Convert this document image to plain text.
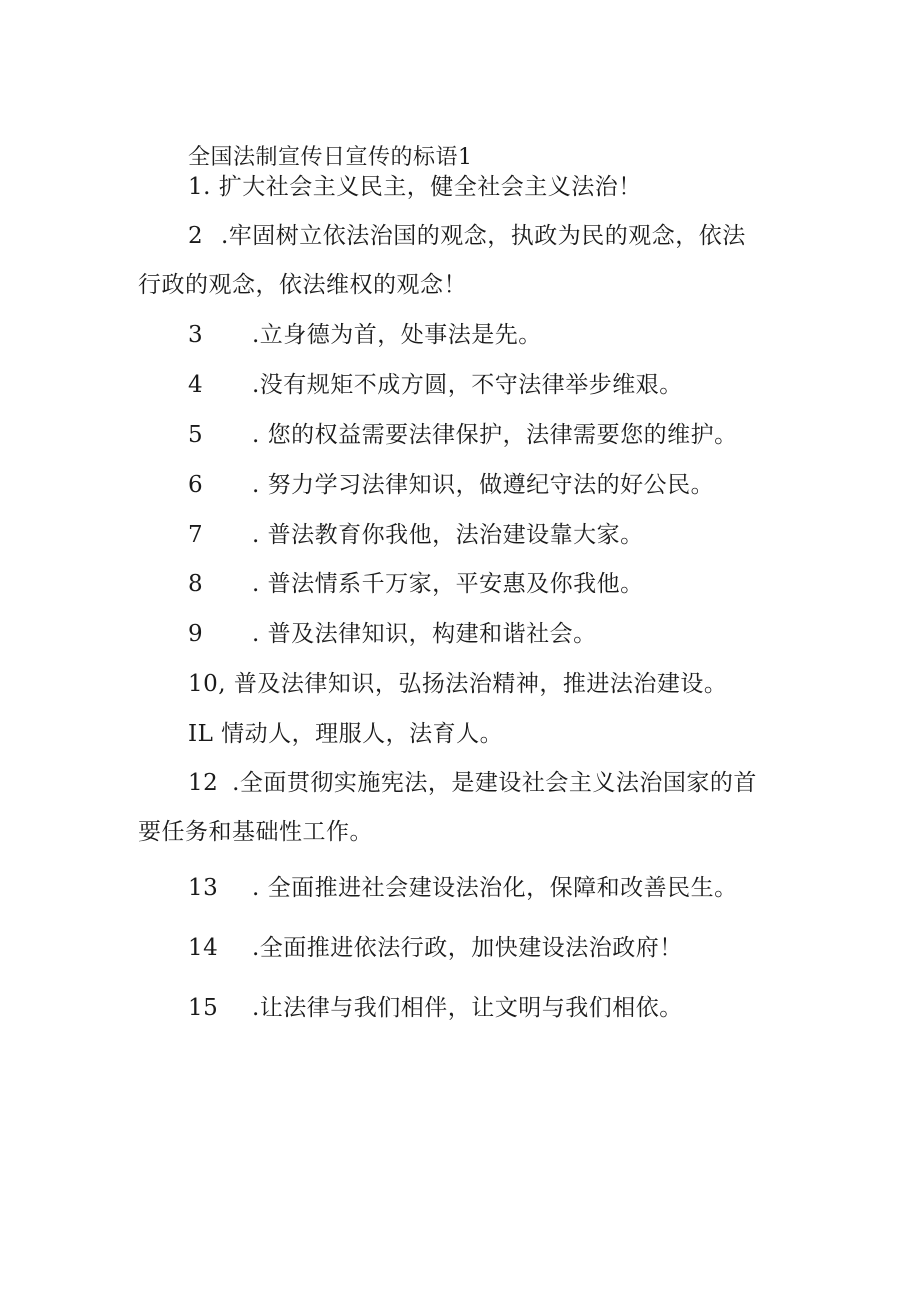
全国法制宣传日宣传的标语1
1. 扩大社会主义民主，健全社会主义法治！
2 .牢固树立依法治国的观念，执政为民的观念，依法
行政的观念，依法维权的观念！
3 .立身德为首，处事法是先。
4 .没有规矩不成方圆，不守法律举步维艰。
5 . 您的权益需要法律保护，法律需要您的维护。
6 . 努力学习法律知识，做遵纪守法的好公民。
7 . 普法教育你我他，法治建设靠大家。
8 . 普法情系千万家，平安惠及你我他。
9 . 普及法律知识，构建和谐社会。
10, 普及法律知识，弘扬法治精神，推进法治建设。
IL 情动人，理服人，法育人。
12 .全面贯彻实施宪法，是建设社会主义法治国家的首
要任务和基础性工作。
13 . 全面推进社会建设法治化，保障和改善民生。
14 .全面推进依法行政，加快建设法治政府！
15 .让法律与我们相伴，让文明与我们相依。
